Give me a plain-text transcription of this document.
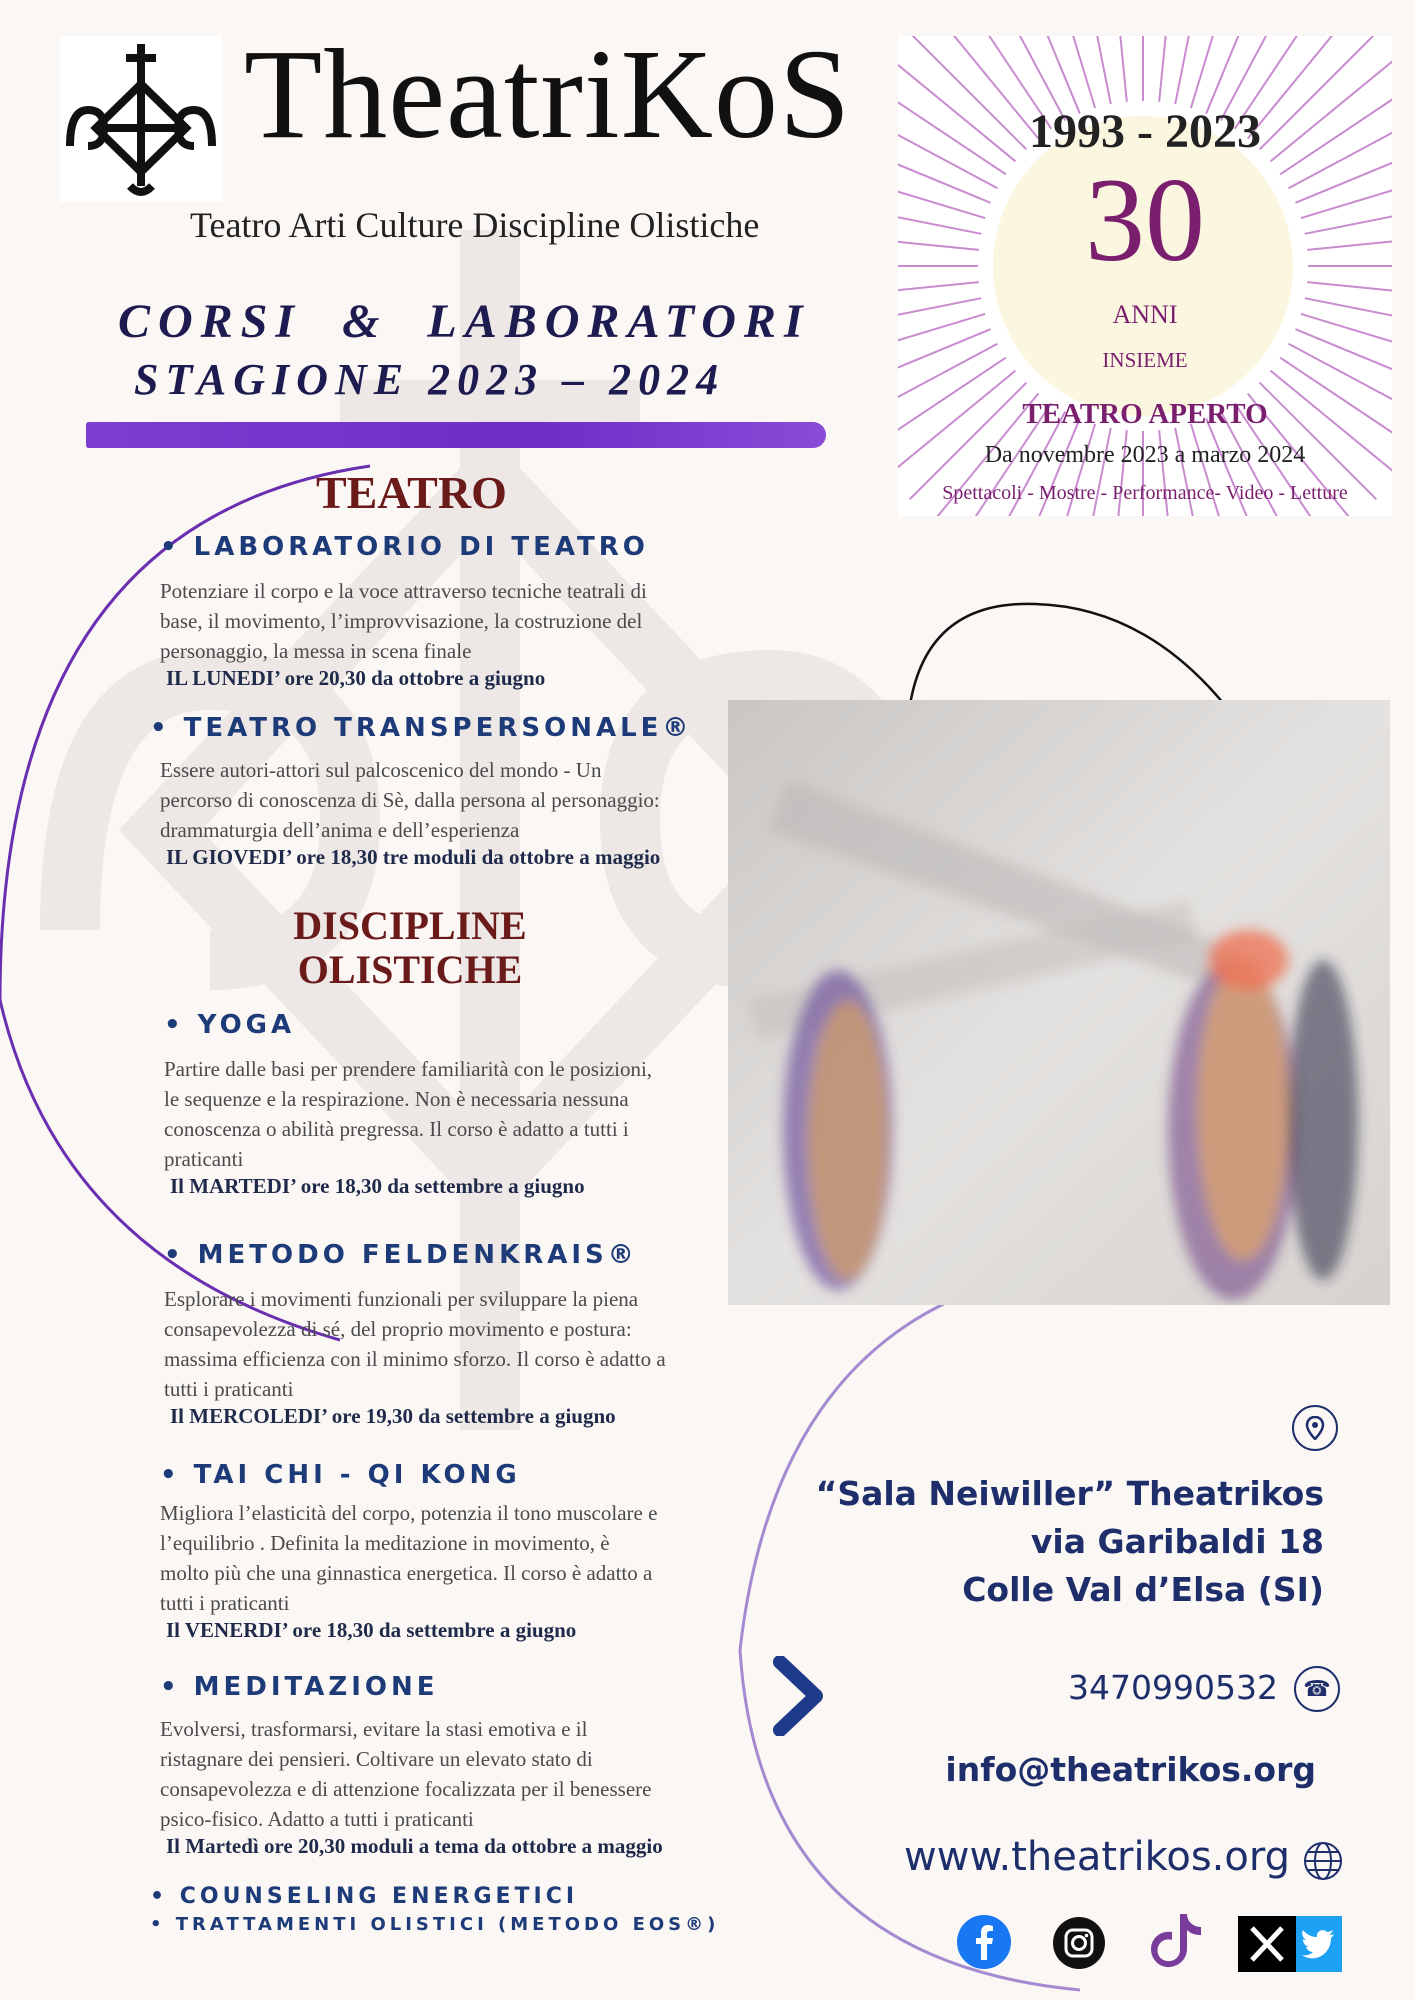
TheatriKoS
Teatro Arti Culture Discipline Olistiche
CORSI  &  LABORATORI
STAGIONE 2023 – 2024
1993 - 2023
30
ANNI
INSIEME
TEATRO APERTO
Da novembre 2023 a marzo 2024
Spettacoli - Mostre - Performance- Video - Letture
TEATRO
• LABORATORIO DI TEATRO
Potenziare il corpo e la voce attraverso tecniche teatrali di
base, il movimento, l’improvvisazione, la costruzione del
personaggio, la messa in scena finale
IL LUNEDI’ ore 20,30 da ottobre a giugno
• TEATRO TRANSPERSONALE®
Essere autori-attori sul palcoscenico del mondo - Un
percorso di conoscenza di Sè, dalla persona al personaggio:
drammaturgia dell’anima e dell’esperienza
IL GIOVEDI’ ore 18,30 tre moduli da ottobre a maggio
DISCIPLINE
OLISTICHE
• YOGA
Partire dalle basi per prendere familiarità con le posizioni,
le sequenze e la respirazione. Non è necessaria nessuna
conoscenza o abilità pregressa. Il corso è adatto a tutti i
praticanti
Il MARTEDI’ ore 18,30 da settembre a giugno
• METODO FELDENKRAIS®
Esplorare i movimenti funzionali per sviluppare la piena
consapevolezza di sé, del proprio movimento e postura:
massima efficienza con il minimo sforzo. Il corso è adatto a
tutti i praticanti
Il MERCOLEDI’ ore 19,30 da settembre a giugno
• TAI CHI - QI KONG
Migliora l’elasticità del corpo, potenzia il tono muscolare e
l’equilibrio . Definita la meditazione in movimento, è
molto più che una ginnastica energetica. Il corso è adatto a
tutti i praticanti
Il VENERDI’ ore 18,30 da settembre a giugno
• MEDITAZIONE
Evolversi, trasformarsi, evitare la stasi emotiva e il
ristagnare dei pensieri. Coltivare un elevato stato di
consapevolezza e di attenzione focalizzata per il benessere
psico-fisico. Adatto a tutti i praticanti
Il Martedì ore 20,30 moduli a tema da ottobre a maggio
• COUNSELING ENERGETICI
• TRATTAMENTI OLISTICI (METODO EOS®)
“Sala Neiwiller” Theatrikos
via Garibaldi 18
Colle Val d’Elsa (SI)
3470990532 ☎
info@theatrikos.org
www.theatrikos.org
